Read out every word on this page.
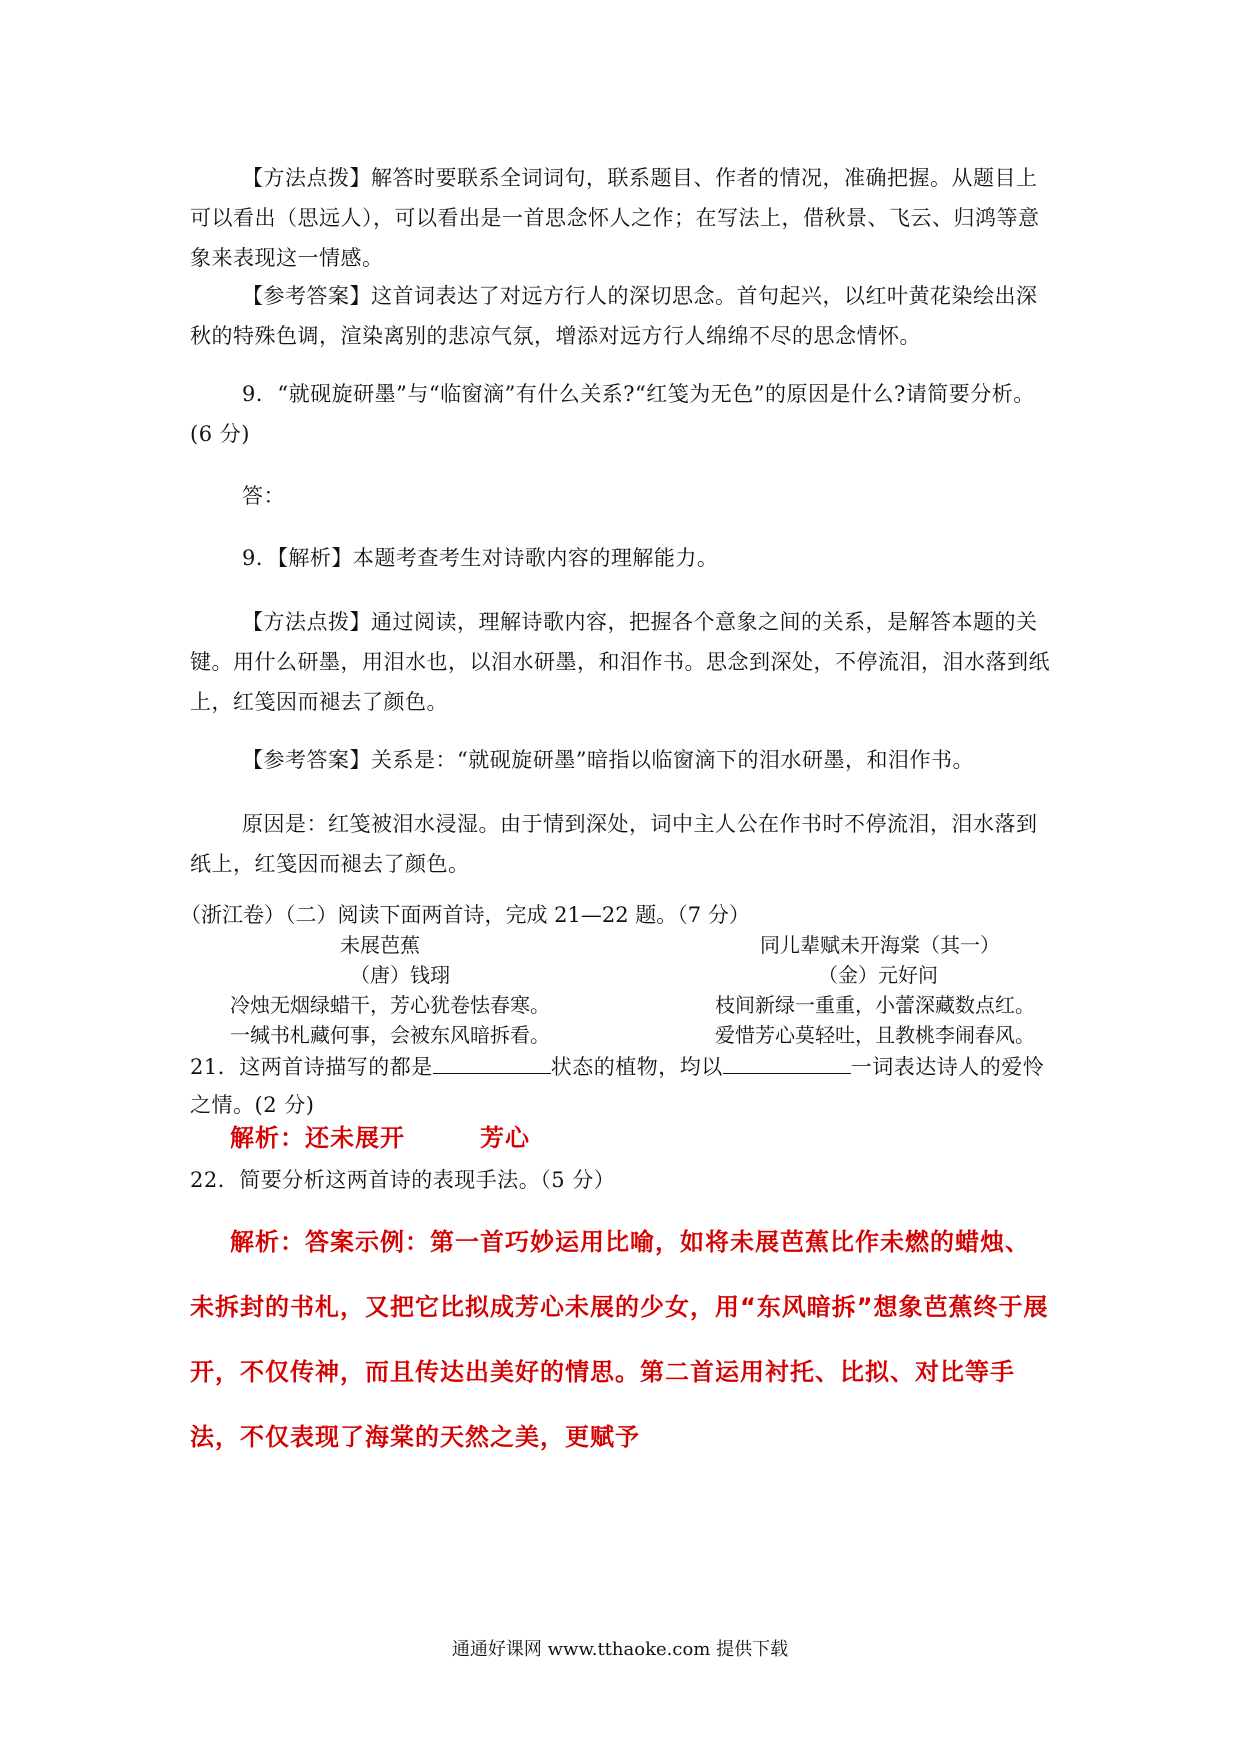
【方法点拨】解答时要联系全词词句，联系题目、作者的情况，准确把握。从题目上可以看出（思远人），可以看出是一首思念怀人之作；在写法上，借秋景、飞云、归鸿等意象来表现这一情感。

【参考答案】这首词表达了对远方行人的深切思念。首句起兴，以红叶黄花染绘出深秋的特殊色调，渲染离别的悲凉气氛，增添对远方行人绵绵不尽的思念情怀。

9．“就砚旋研墨”与“临窗滴”有什么关系?“红笺为无色”的原因是什么?请简要分析。(6 分)

答：

9．【解析】本题考查考生对诗歌内容的理解能力。

【方法点拨】通过阅读，理解诗歌内容，把握各个意象之间的关系，是解答本题的关键。用什么研墨，用泪水也，以泪水研墨，和泪作书。思念到深处，不停流泪，泪水落到纸上，红笺因而褪去了颜色。

【参考答案】关系是：“就砚旋研墨”暗指以临窗滴下的泪水研墨，和泪作书。

原因是：红笺被泪水浸湿。由于情到深处，词中主人公在作书时不停流泪，泪水落到纸上，红笺因而褪去了颜色。

（浙江卷）（二）阅读下面两首诗，完成 21—22 题。（7 分）
未展芭蕉
（唐）钱珝
冷烛无烟绿蜡干，芳心犹卷怯春寒。
一缄书札藏何事，会被东风暗拆看。
同儿辈赋未开海棠（其一）
（金）元好问
枝间新绿一重重，小蕾深藏数点红。
爱惜芳心莫轻吐，且教桃李闹春风。

21．这两首诗描写的都是	状态的植物，均以	一词表达诗人的爱怜之情。(2 分)

解析：还未展开　　　芳心

22．简要分析这两首诗的表现手法。（5 分）

解析：答案示例：第一首巧妙运用比喻，如将未展芭蕉比作未燃的蜡烛、未拆封的书札，又把它比拟成芳心未展的少女，用“东风暗拆”想象芭蕉终于展开，不仅传神，而且传达出美好的情思。第二首运用衬托、比拟、对比等手法，不仅表现了海棠的天然之美，更赋予

通通好课网 www.tthaoke.com 提供下载
